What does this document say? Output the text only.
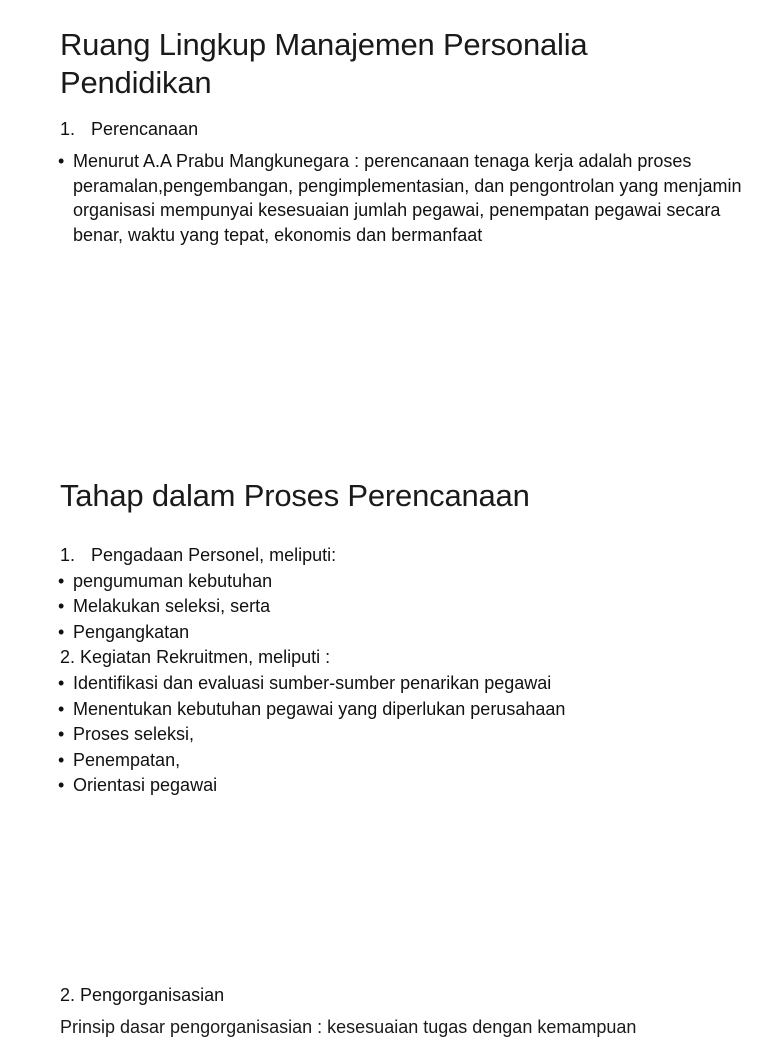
Ruang Lingkup Manajemen Personalia Pendidikan

1. Perencanaan

• Menurut A.A Prabu Mangkunegara : perencanaan tenaga kerja adalah proses peramalan,pengembangan, pengimplementasian, dan pengontrolan yang menjamin organisasi mempunyai kesesuaian jumlah pegawai, penempatan pegawai secara benar, waktu yang tepat, ekonomis dan bermanfaat

Tahap dalam Proses Perencanaan
1. Pengadaan Personel, meliputi:
• pengumuman kebutuhan
• Melakukan seleksi, serta
• Pengangkatan
2. Kegiatan Rekruitmen, meliputi :
• Identifikasi dan evaluasi sumber-sumber penarikan pegawai
• Menentukan kebutuhan pegawai yang diperlukan perusahaan
• Proses seleksi,
• Penempatan,
• Orientasi pegawai

2. Pengorganisasian

Prinsip dasar pengorganisasian : kesesuaian tugas dengan kemampuan
